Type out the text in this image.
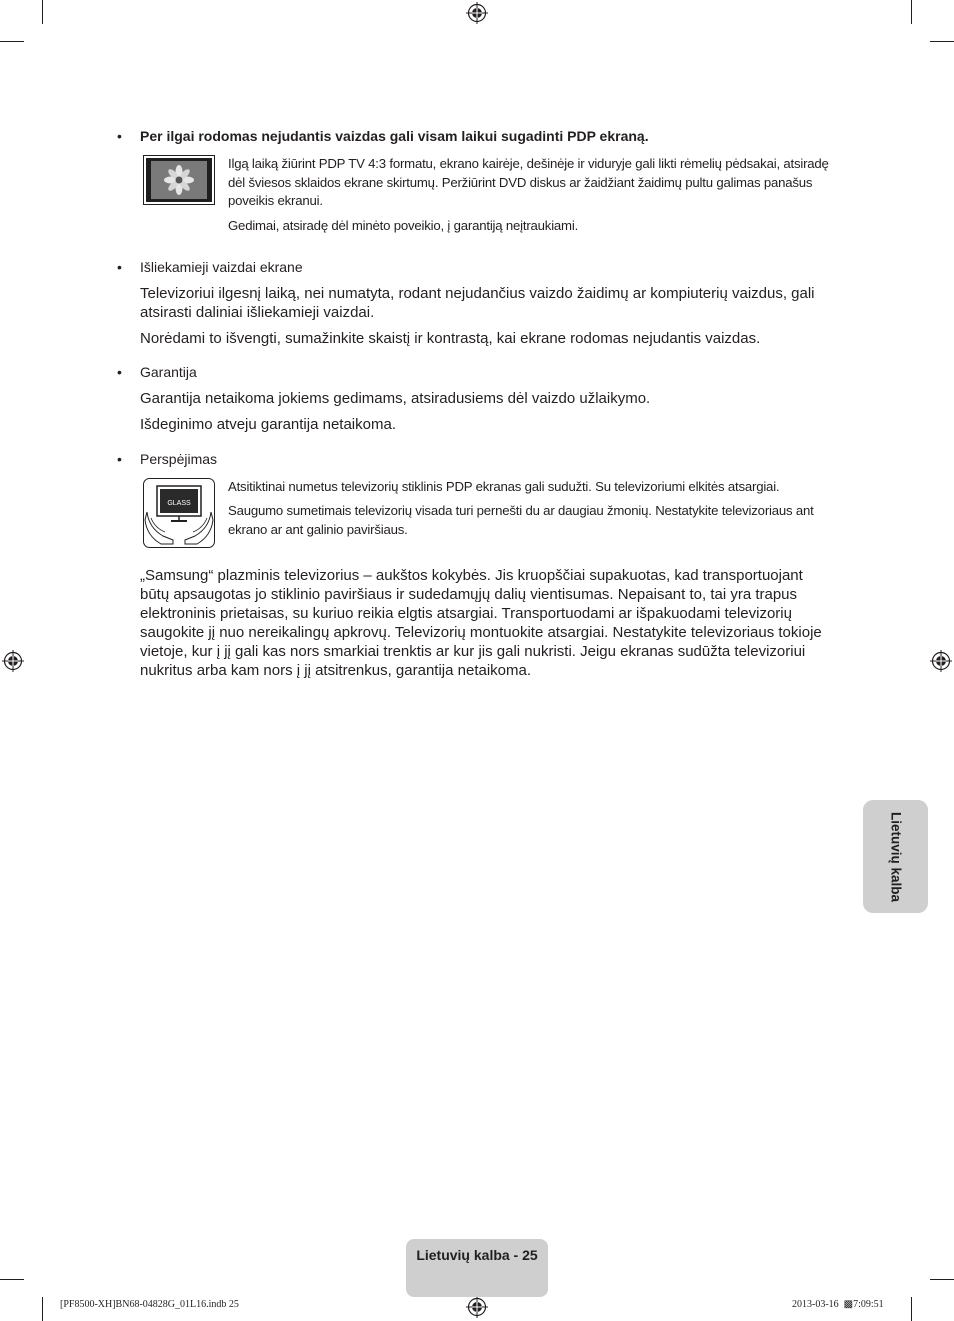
• Per ilgai rodomas nejudantis vaizdas gali visam laikui sugadinti PDP ekraną.
Ilgą laiką žiūrint PDP TV 4:3 formatu, ekrano kairėje, dešinėje ir viduryje gali likti rėmelių pėdsakai, atsiradę dėl šviesos sklaidos ekrane skirtumų. Peržiūrint DVD diskus ar žaidžiant žaidimų pultu galimas panašus poveikis ekranui.
Gedimai, atsiradę dėl minėto poveikio, į garantiją neįtraukiami.
• Išliekamieji vaizdai ekrane
Televizoriui ilgesnį laiką, nei numatyta, rodant nejudančius vaizdo žaidimų ar kompiuterių vaizdus, gali atsirasti daliniai išliekamieji vaizdai.
Norėdami to išvengti, sumažinkite skaistį ir kontrastą, kai ekrane rodomas nejudantis vaizdas.
• Garantija
Garantija netaikoma jokiems gedimams, atsiradusiems dėl vaizdo užlaikymo.
Išdeginimo atveju garantija netaikoma.
• Perspėjimas
GLASS
Atsitiktinai numetus televizorių stiklinis PDP ekranas gali sudužti. Su televizoriumi elkitės atsargiai.
Saugumo sumetimais televizorių visada turi pernešti du ar daugiau žmonių. Nestatykite televizoriaus ant ekrano ar ant galinio paviršiaus.
„Samsung“ plazminis televizorius – aukštos kokybės. Jis kruopščiai supakuotas, kad transportuojant būtų apsaugotas jo stiklinio paviršiaus ir sudedamųjų dalių vientisumas. Nepaisant to, tai yra trapus elektroninis prietaisas, su kuriuo reikia elgtis atsargiai. Transportuodami ar išpakuodami televizorių saugokite jį nuo nereikalingų apkrovų. Televizorių montuokite atsargiai. Nestatykite televizoriaus tokioje vietoje, kur į jį gali kas nors smarkiai trenktis ar kur jis gali nukristi. Jeigu ekranas sudūžta televizoriui nukritus arba kam nors į jį atsitrenkus, garantija netaikoma.
Lietuvių kalba
Lietuvių kalba - 25
[PF8500-XH]BN68-04828G_01L16.indb 25	2013-03-16 ▩7:09:51
